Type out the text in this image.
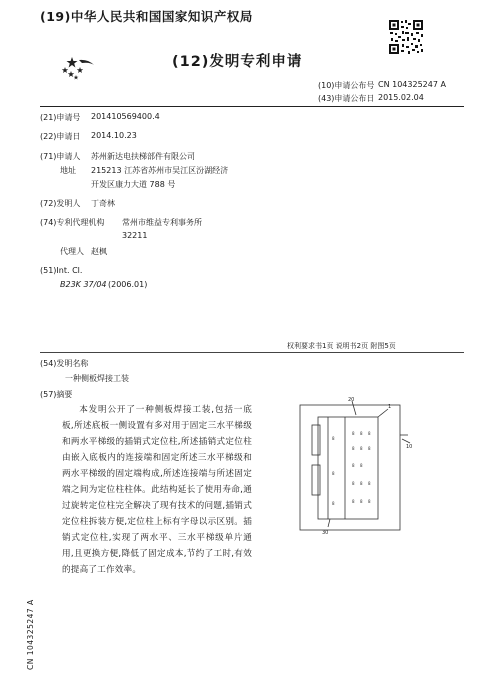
(19)中华人民共和国国家知识产权局
(12)发明专利申请
(10)申请公布号 CN 104325247 A
(43)申请公布日 2015.02.04
(21)申请号 201410569400.4
(22)申请日 2014.10.23
(71)申请人 苏州新达电扶梯部件有限公司
地址 215213 江苏省苏州市吴江区汾湖经济
开发区康力大道 788 号
(72)发明人 丁奇林
(74)专利代理机构 常州市维益专利事务所
32211
代理人 赵枫
(51)Int. Cl.
B23K 37/04 (2006.01)
权利要求书1页 说明书2页 附图5页
(54)发明名称
一种侧板焊接工装
(57)摘要
本发明公开了一种侧板焊接工装,包括一底板,所述底板一侧设置有多对用于固定三水平梯级和两水平梯级的插销式定位柱,所述插销式定位柱由嵌入底板内的连接端和固定所述三水平梯级和两水平梯级的固定端构成,所述连接端与所述固定端之间为定位柱柱体。此结构延长了使用寿命,通过旋转定位柱完全解决了现有技术的问题,插销式定位柱拆装方便,定位柱上标有字母以示区别。插销式定位柱,实现了两水平、三水平梯级单片通用,且更换方便,降低了固定成本,节约了工时,有效的提高了工作效率。
8 8 8
8 8 8
8 8
8 8 8
8 8 8
8
8
8
20
1
10
30
CN 104325247 A
